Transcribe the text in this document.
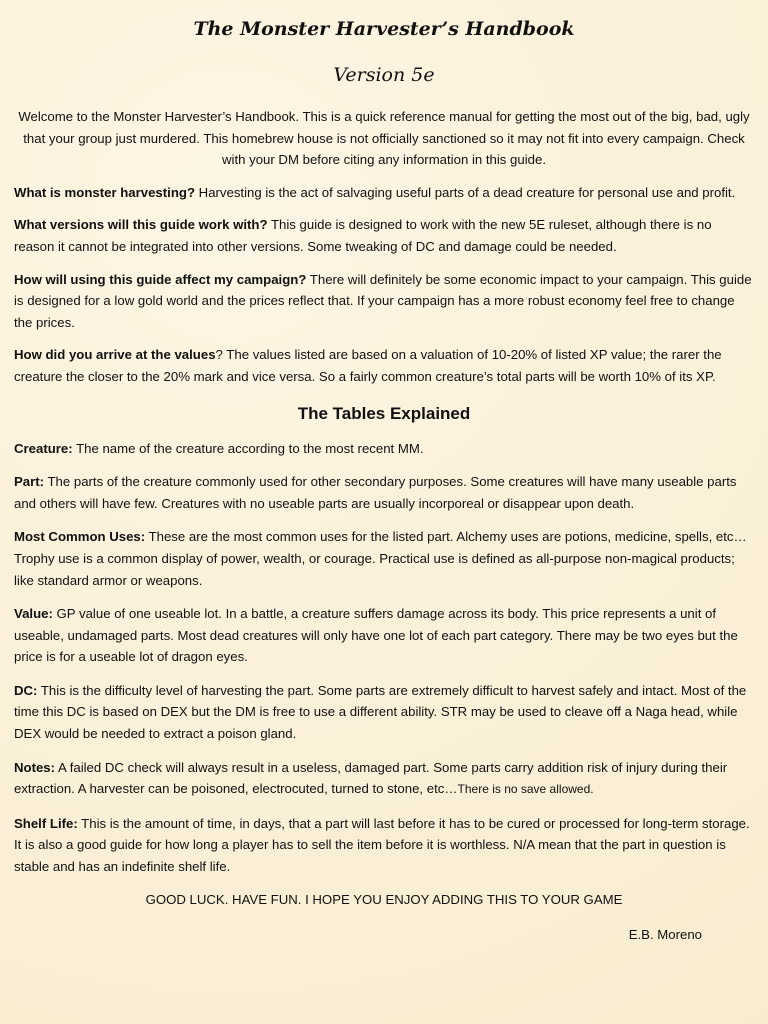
The Monster Harvester’s Handbook
Version 5e

Welcome to the Monster Harvester’s Handbook. This is a quick reference manual for getting the most out of the big, bad, ugly that your group just murdered. This homebrew house is not officially sanctioned so it may not fit into every campaign. Check with your DM before citing any information in this guide.

What is monster harvesting? Harvesting is the act of salvaging useful parts of a dead creature for personal use and profit.

What versions will this guide work with? This guide is designed to work with the new 5E ruleset, although there is no reason it cannot be integrated into other versions. Some tweaking of DC and damage could be needed.

How will using this guide affect my campaign? There will definitely be some economic impact to your campaign. This guide is designed for a low gold world and the prices reflect that. If your campaign has a more robust economy feel free to change the prices.

How did you arrive at the values? The values listed are based on a valuation of 10-20% of listed XP value; the rarer the creature the closer to the 20% mark and vice versa. So a fairly common creature’s total parts will be worth 10% of its XP.

The Tables Explained

Creature: The name of the creature according to the most recent MM.

Part: The parts of the creature commonly used for other secondary purposes. Some creatures will have many useable parts and others will have few. Creatures with no useable parts are usually incorporeal or disappear upon death.

Most Common Uses: These are the most common uses for the listed part. Alchemy uses are potions, medicine, spells, etc… Trophy use is a common display of power, wealth, or courage. Practical use is defined as all-purpose non-magical products; like standard armor or weapons.

Value: GP value of one useable lot. In a battle, a creature suffers damage across its body. This price represents a unit of useable, undamaged parts. Most dead creatures will only have one lot of each part category. There may be two eyes but the price is for a useable lot of dragon eyes.

DC: This is the difficulty level of harvesting the part. Some parts are extremely difficult to harvest safely and intact. Most of the time this DC is based on DEX but the DM is free to use a different ability. STR may be used to cleave off a Naga head, while DEX would be needed to extract a poison gland.

Notes: A failed DC check will always result in a useless, damaged part. Some parts carry addition risk of injury during their extraction. A harvester can be poisoned, electrocuted, turned to stone, etc…There is no save allowed.

Shelf Life: This is the amount of time, in days, that a part will last before it has to be cured or processed for long-term storage. It is also a good guide for how long a player has to sell the item before it is worthless. N/A mean that the part in question is stable and has an indefinite shelf life.

GOOD LUCK. HAVE FUN. I HOPE YOU ENJOY ADDING THIS TO YOUR GAME

E.B. Moreno
